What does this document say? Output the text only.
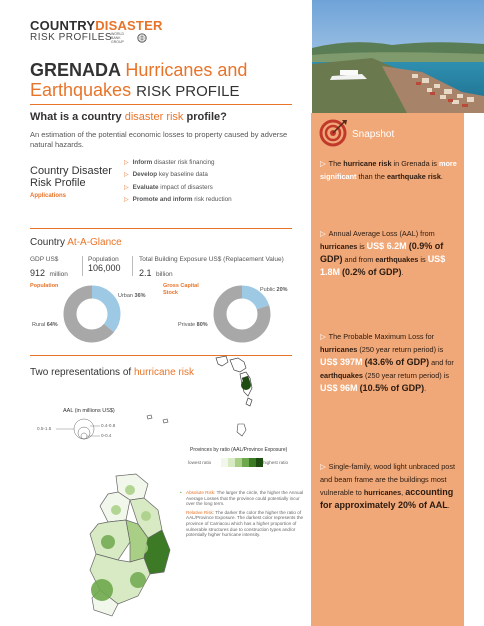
COUNTRYDISASTER
RISK PROFILES
WORLD BANK GROUP
GRENADA Hurricanes and
Earthquakes RISK PROFILE
What is a country disaster risk profile?
An estimation of the potential economic losses to property caused by adverse natural hazards.
Country Disaster
Risk Profile
Applications
▷ Inform disaster risk financing
▷ Develop key baseline data
▷ Evaluate impact of disasters
▷ Promote and inform risk reduction
Country At-A-Glance
GDP US$
912 million
Population
106,000
Total Building Exposure US$ (Replacement Value)
2.1 billion
Population
Urban 36%
Rural 64%
Gross Capital
Stock	Public 20%
Private 80%
Two representations of hurricane risk
AAL (in millions US$)
0.5-1.5
0.4-0.8
0-0.4
Provinces by ratio (AAL/Province Exposure)
lowest ratio	highest ratio
• Absolute Risk: The larger the circle, the higher the Annual Average Losses that the province could potentially incur over the long term.
Relative Risk: The darker the color the higher the ratio of AAL/Province Exposure. The darkest color represents the province of Carriacou which has a higher proportion of vulnerable structures due to construction types and/or potentially higher hurricane intensity.
Snapshot
▷ The hurricane risk in Grenada is more significant than the earthquake risk.
▷ Annual Average Loss (AAL) from hurricanes is US$ 6.2M (0.9% of GDP) and from earthquakes is US$ 1.8M (0.2% of GDP).
▷ The Probable Maximum Loss for hurricanes (250 year return period) is US$ 397M (43.6% of GDP) and for earthquakes (250 year return period) is US$ 96M (10.5% of GDP).
▷ Single-family, wood light unbraced post and beam frame are the buildings most vulnerable to hurricanes, accounting for approximately 20% of AAL.
